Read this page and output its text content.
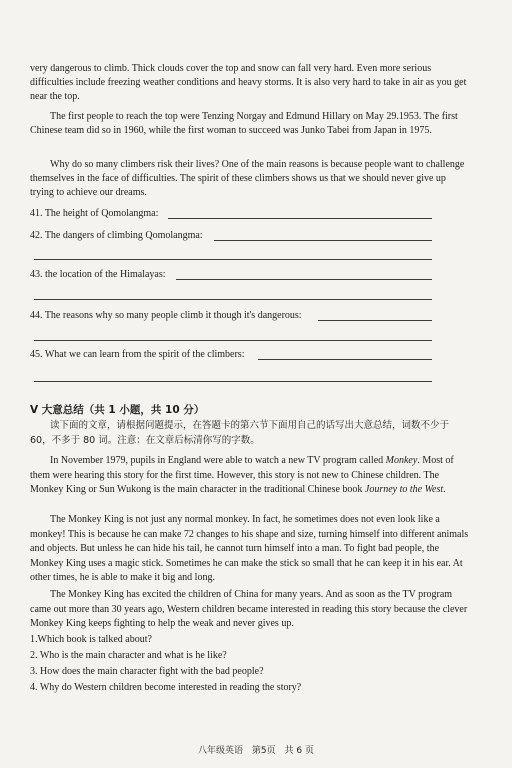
very dangerous to climb. Thick clouds cover the top and snow can fall very hard. Even more serious difficulties include freezing weather conditions and heavy storms. It is also very hard to take in air as you get near the top.

The first people to reach the top were Tenzing Norgay and Edmund Hillary on May 29.1953. The first Chinese team did so in 1960, while the first woman to succeed was Junko Tabei from Japan in 1975.

Why do so many climbers risk their lives? One of the main reasons is because people want to challenge themselves in the face of difficulties. The spirit of these climbers shows us that we should never give up trying to achieve our dreams.

41. The height of Qomolangma:
42. The dangers of climbing Qomolangma:
43. the location of the Himalayas:
44. The reasons why so many people climb it though it's dangerous:
45. What we can learn from the spirit of the climbers:
V 大意总结（共 1 小题，共 10 分）

读下面的文章，请根据问题提示，在答题卡的第六节下面用自己的话写出大意总结，词数不少于 60，不多于 80 词。注意：在文章后标清你写的字数。

In November 1979, pupils in England were able to watch a new TV program called Monkey. Most of them were hearing this story for the first time. However, this story is not new to Chinese children. The Monkey King or Sun Wukong is the main character in the traditional Chinese book Journey to the West.

The Monkey King is not just any normal monkey. In fact, he sometimes does not even look like a monkey! This is because he can make 72 changes to his shape and size, turning himself into different animals and objects. But unless he can hide his tail, he cannot turn himself into a man. To fight bad people, the Monkey King uses a magic stick. Sometimes he can make the stick so small that he can keep it in his ear. At other times, he is able to make it big and long.

The Monkey King has excited the children of China for many years. And as soon as the TV program came out more than 30 years ago, Western children became interested in reading this story because the clever Monkey King keeps fighting to help the weak and never gives up.

1.Which book is talked about?
2. Who is the main character and what is he like?
3. How does the main character fight with the bad people?
4. Why do Western children become interested in reading the story?
八年级英语 第5页 共 6 页
